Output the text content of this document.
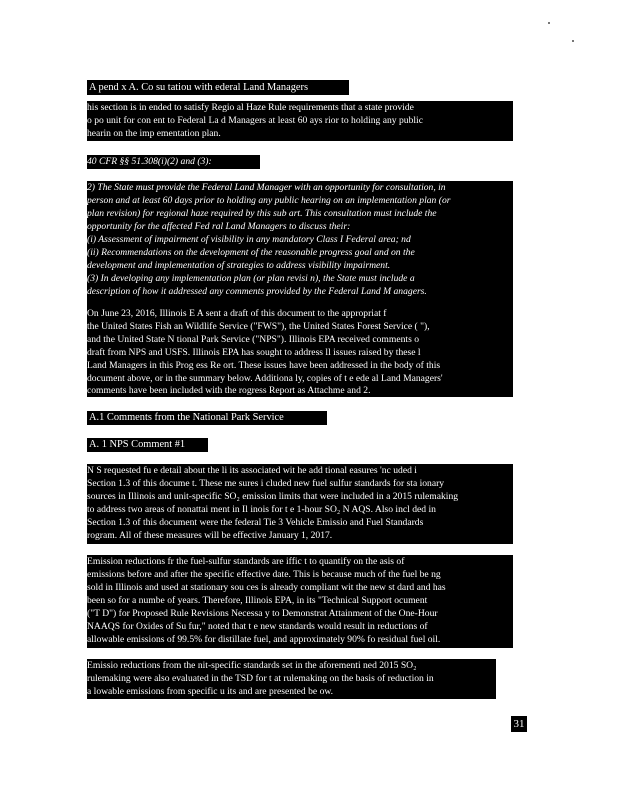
A pend x A. Co su tatiou with ederal Land Managers
his section is in ended to satisfy Regio al Haze Rule requirements that a state provide
o po unit for con ent to Federal La d Managers at least 60 ays rior to holding any public
hearin on the imp ementation plan.
40 CFR §§ 51.308(i)(2) and (3):
2) The State must provide the Federal Land Manager with an opportunity for consultation, in
person and at least 60 days prior to holding any public hearing on an implementation plan (or
plan revision) for regional haze required by this sub art. This consultation must include the
opportunity for the affected Fed ral Land Managers to discuss their:
(i) Assessment of impairment of visibility in any mandatory Class I Federal area; nd
(ii) Recommendations on the development of the reasonable progress goal and on the
development and implementation of strategies to address visibility impairment.
(3) In developing any implementation plan (or plan revisi n), the State must include a
description of how it addressed any comments provided by the Federal Land M anagers.
On June 23, 2016, Illinois E A sent a draft of this document to the appropriat f
the United States Fish an Wildlife Service ("FWS"), the United States Forest Service ( "),
and the United State N tional Park Service ("NPS"). Illinois EPA received comments o
draft from NPS and USFS. Illinois EPA has sought to address ll issues raised by these l
Land Managers in this Prog ess Re ort. These issues have been addressed in the body of this
document above, or in the summary below. Additiona ly, copies of t e ede al Land Managers'
comments have been included with the rogress Report as Attachme and 2.
A.1 Comments from the National Park Service
A. 1 NPS Comment #1
N S requested fu e detail about the li its associated wit he add tional easures 'nc uded i
Section 1.3 of this docume t. These me sures i cluded new fuel sulfur standards for sta ionary
sources in Illinois and unit-specific SO₂ emission limits that were included in a 2015 rulemaking
to address two areas of nonattai ment in Il inois for t e 1-hour SO₂ N AQS. Also incl ded in
Section 1.3 of this document were the federal Tie 3 Vehicle Emissio and Fuel Standards
rogram. All of these measures will be effective January 1, 2017.
Emission reductions fr the fuel-sulfur standards are iffic t to quantify on the asis of
emissions before and after the specific effective date. This is because much of the fuel be ng
sold in Illinois and used at stationary sou ces is already compliant wit the new st dard and has
been so for a numbe of years. Therefore, Illinois EPA, in its "Technical Support ocument
("T D") for Proposed Rule Revisions Necessa y to Demonstrat Attainment of the One-Hour
NAAQS for Oxides of Su fur," noted that t e new standards would result in reductions of
allowable emissions of 99.5% for distillate fuel, and approximately 90% fo residual fuel oil.
Emissio reductions from the nit-specific standards set in the aforementi ned 2015 SO₂
rulemaking were also evaluated in the TSD for t at rulemaking on the basis of reduction in
a lowable emissions from specific u its and are presented be ow.
31
